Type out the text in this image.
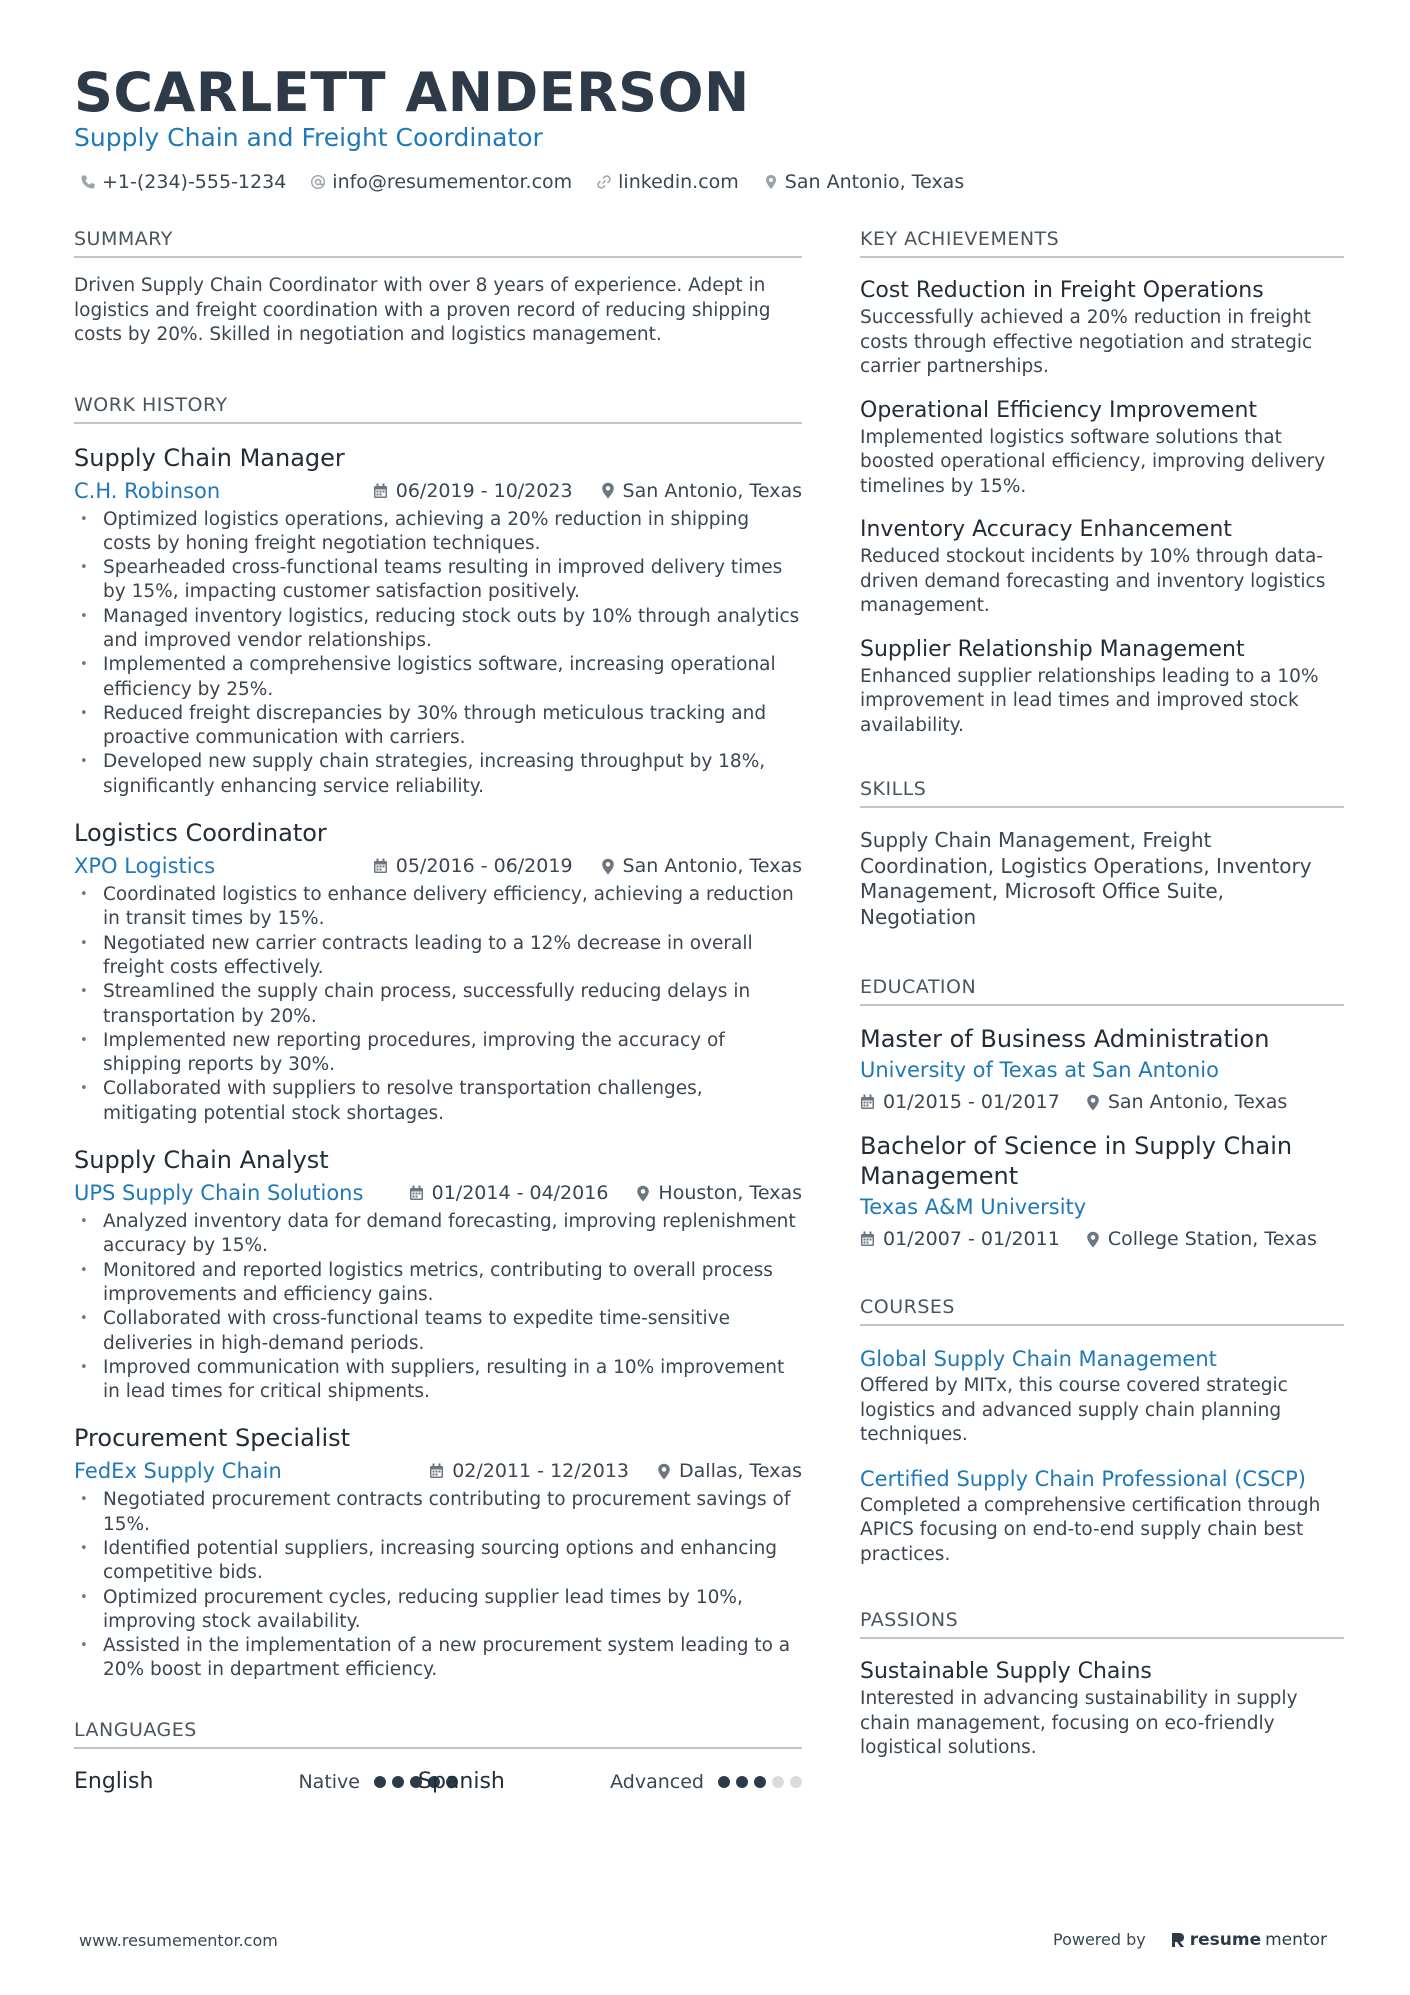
SCARLETT ANDERSON
Supply Chain and Freight Coordinator
+1-(234)-555-1234 info@resumementor.com linkedin.com San Antonio, Texas
SUMMARY

Driven Supply Chain Coordinator with over 8 years of experience. Adept in logistics and freight coordination with a proven record of reducing shipping costs by 20%. Skilled in negotiation and logistics management.

WORK HISTORY
Supply Chain Manager
C.H. Robinson	06/2019 - 10/2023	San Antonio, Texas
• Optimized logistics operations, achieving a 20% reduction in shipping costs by honing freight negotiation techniques.
• Spearheaded cross-functional teams resulting in improved delivery times by 15%, impacting customer satisfaction positively.
• Managed inventory logistics, reducing stock outs by 10% through analytics and improved vendor relationships.
• Implemented a comprehensive logistics software, increasing operational efficiency by 25%.
• Reduced freight discrepancies by 30% through meticulous tracking and proactive communication with carriers.
• Developed new supply chain strategies, increasing throughput by 18%, significantly enhancing service reliability.
Logistics Coordinator
XPO Logistics	05/2016 - 06/2019	San Antonio, Texas
• Coordinated logistics to enhance delivery efficiency, achieving a reduction in transit times by 15%.
• Negotiated new carrier contracts leading to a 12% decrease in overall freight costs effectively.
• Streamlined the supply chain process, successfully reducing delays in transportation by 20%.
• Implemented new reporting procedures, improving the accuracy of shipping reports by 30%.
• Collaborated with suppliers to resolve transportation challenges, mitigating potential stock shortages.
Supply Chain Analyst
UPS Supply Chain Solutions	01/2014 - 04/2016	Houston, Texas
• Analyzed inventory data for demand forecasting, improving replenishment accuracy by 15%.
• Monitored and reported logistics metrics, contributing to overall process improvements and efficiency gains.
• Collaborated with cross-functional teams to expedite time-sensitive deliveries in high-demand periods.
• Improved communication with suppliers, resulting in a 10% improvement in lead times for critical shipments.
Procurement Specialist
FedEx Supply Chain	02/2011 - 12/2013	Dallas, Texas
• Negotiated procurement contracts contributing to procurement savings of 15%.
• Identified potential suppliers, increasing sourcing options and enhancing competitive bids.
• Optimized procurement cycles, reducing supplier lead times by 10%, improving stock availability.
• Assisted in the implementation of a new procurement system leading to a 20% boost in department efficiency.
LANGUAGES
English	Native	Spanish	Advanced
KEY ACHIEVEMENTS
Cost Reduction in Freight Operations

Successfully achieved a 20% reduction in freight costs through effective negotiation and strategic carrier partnerships.

Operational Efficiency Improvement

Implemented logistics software solutions that boosted operational efficiency, improving delivery timelines by 15%.

Inventory Accuracy Enhancement

Reduced stockout incidents by 10% through data-driven demand forecasting and inventory logistics management.

Supplier Relationship Management

Enhanced supplier relationships leading to a 10% improvement in lead times and improved stock availability.

SKILLS

Supply Chain Management, Freight Coordination, Logistics Operations, Inventory Management, Microsoft Office Suite, Negotiation

EDUCATION
Master of Business Administration
University of Texas at San Antonio
01/2015 - 01/2017	San Antonio, Texas
Bachelor of Science in Supply Chain Management
Texas A&M University
01/2007 - 01/2011	College Station, Texas
COURSES
Global Supply Chain Management

Offered by MITx, this course covered strategic logistics and advanced supply chain planning techniques.

Certified Supply Chain Professional (CSCP)

Completed a comprehensive certification through APICS focusing on end-to-end supply chain best practices.

PASSIONS
Sustainable Supply Chains

Interested in advancing sustainability in supply chain management, focusing on eco-friendly logistical solutions.

www.resumementor.com	Powered by	resume mentor
